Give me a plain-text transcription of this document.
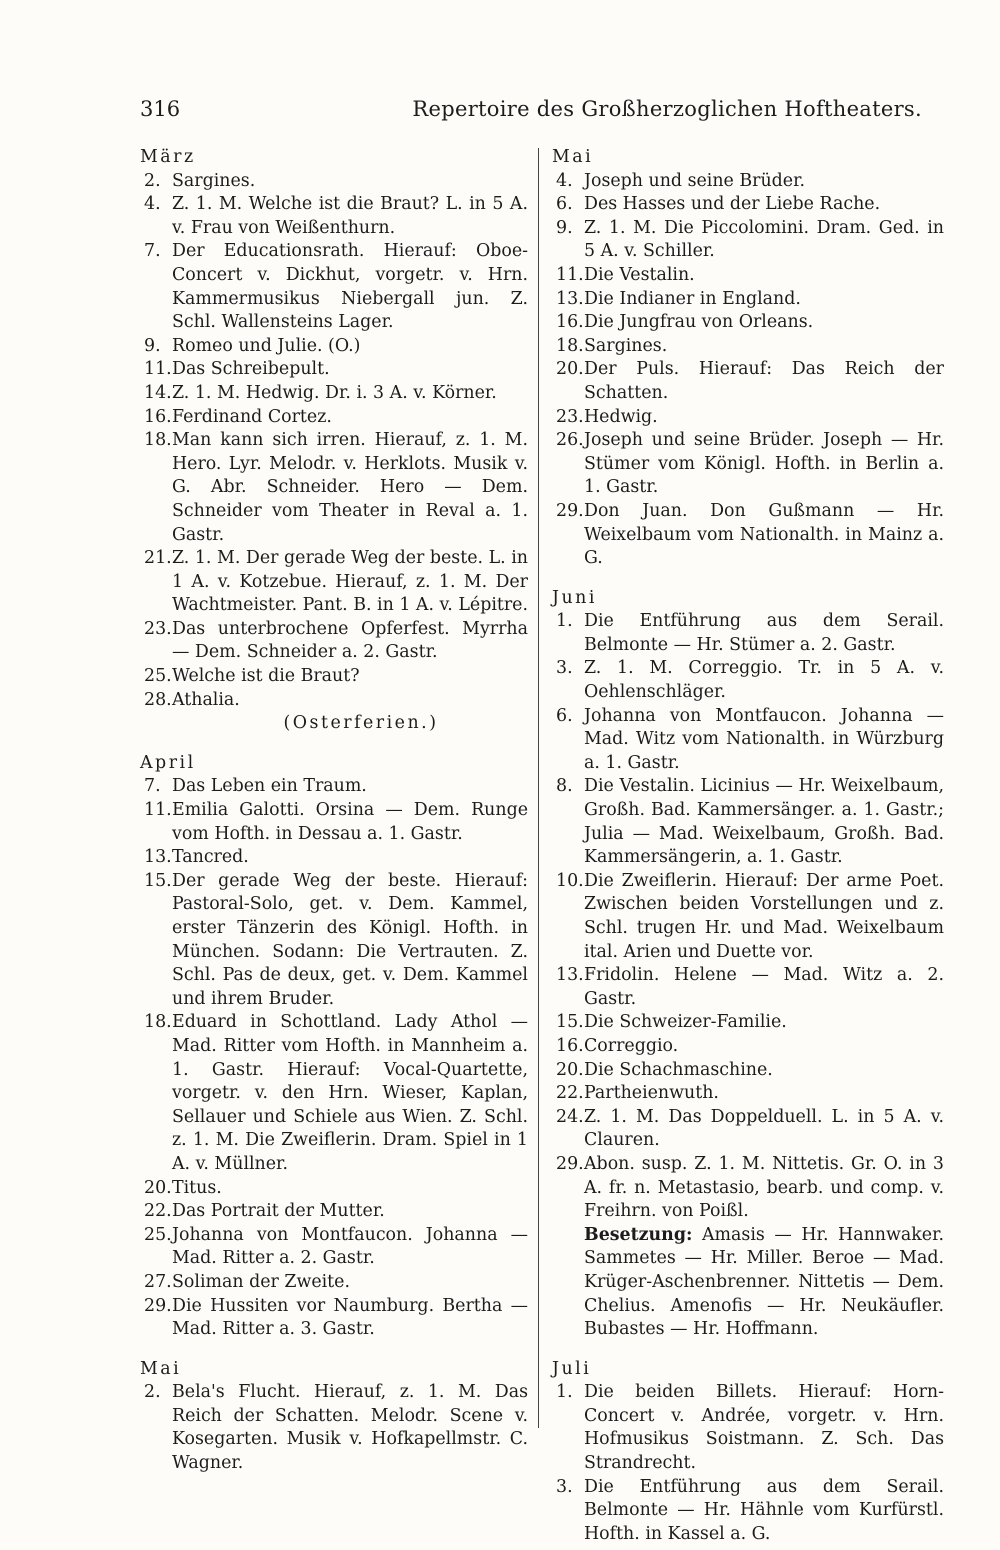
316	Repertoire des Großherzoglichen Hoftheaters.
März
2. Sargines.
4. Z. 1. M. Welche ist die Braut? L. in 5 A. v. Frau von Weißenthurn.
7. Der Educationsrath. Hierauf: Oboe-Concert v. Dickhut, vorgetr. v. Hrn. Kammermusikus Niebergall jun. Z. Schl. Wallensteins Lager.
9. Romeo und Julie. (O.)
11.Das Schreibepult.
14.Z. 1. M. Hedwig. Dr. i. 3 A. v. Körner.
16.Ferdinand Cortez.
18.Man kann sich irren. Hierauf, z. 1. M. Hero. Lyr. Melodr. v. Herklots. Musik v. G. Abr. Schneider. Hero — Dem. Schneider vom Theater in Reval a. 1. Gastr.
21.Z. 1. M. Der gerade Weg der beste. L. in 1 A. v. Kotzebue. Hierauf, z. 1. M. Der Wachtmeister. Pant. B. in 1 A. v. Lépitre.
23.Das unterbrochene Opferfest. Myrrha — Dem. Schneider a. 2. Gastr.
25.Welche ist die Braut?
28.Athalia.
(Osterferien.)
April
7. Das Leben ein Traum.
11.Emilia Galotti. Orsina — Dem. Runge vom Hofth. in Dessau a. 1. Gastr.
13.Tancred.
15.Der gerade Weg der beste. Hierauf: Pastoral-Solo, get. v. Dem. Kammel, erster Tänzerin des Königl. Hofth. in München. Sodann: Die Vertrauten. Z. Schl. Pas de deux, get. v. Dem. Kammel und ihrem Bruder.
18.Eduard in Schottland. Lady Athol — Mad. Ritter vom Hofth. in Mannheim a. 1. Gastr. Hierauf: Vocal-Quartette, vorgetr. v. den Hrn. Wieser, Kaplan, Sellauer und Schiele aus Wien. Z. Schl. z. 1. M. Die Zweiflerin. Dram. Spiel in 1 A. v. Müllner.
20.Titus.
22.Das Portrait der Mutter.
25.Johanna von Montfaucon. Johanna — Mad. Ritter a. 2. Gastr.
27.Soliman der Zweite.
29.Die Hussiten vor Naumburg. Bertha — Mad. Ritter a. 3. Gastr.
Mai
2. Bela's Flucht. Hierauf, z. 1. M. Das Reich der Schatten. Melodr. Scene v. Kosegarten. Musik v. Hofkapellmstr. C. Wagner.
Mai
4. Joseph und seine Brüder.
6. Des Hasses und der Liebe Rache.
9. Z. 1. M. Die Piccolomini. Dram. Ged. in 5 A. v. Schiller.
11.Die Vestalin.
13.Die Indianer in England.
16.Die Jungfrau von Orleans.
18.Sargines.
20.Der Puls. Hierauf: Das Reich der Schatten.
23.Hedwig.
26.Joseph und seine Brüder. Joseph — Hr. Stümer vom Königl. Hofth. in Berlin a. 1. Gastr.
29.Don Juan. Don Gußmann — Hr. Weixelbaum vom Nationalth. in Mainz a. G.
Juni
1. Die Entführung aus dem Serail. Belmonte — Hr. Stümer a. 2. Gastr.
3. Z. 1. M. Correggio. Tr. in 5 A. v. Oehlenschläger.
6. Johanna von Montfaucon. Johanna — Mad. Witz vom Nationalth. in Würzburg a. 1. Gastr.
8. Die Vestalin. Licinius — Hr. Weixelbaum, Großh. Bad. Kammersänger. a. 1. Gastr.; Julia — Mad. Weixelbaum, Großh. Bad. Kammersängerin, a. 1. Gastr.
10.Die Zweiflerin. Hierauf: Der arme Poet. Zwischen beiden Vorstellungen und z. Schl. trugen Hr. und Mad. Weixelbaum ital. Arien und Duette vor.
13.Fridolin. Helene — Mad. Witz a. 2. Gastr.
15.Die Schweizer-Familie.
16.Correggio.
20.Die Schachmaschine.
22.Partheienwuth.
24.Z. 1. M. Das Doppelduell. L. in 5 A. v. Clauren.
29.Abon. susp. Z. 1. M. Nittetis. Gr. O. in 3 A. fr. n. Metastasio, bearb. und comp. v. Freihrn. von Poißl.
Besetzung: Amasis — Hr. Hannwaker. Sammetes — Hr. Miller. Beroe — Mad. Krüger-Aschenbrenner. Nittetis — Dem. Chelius. Amenofis — Hr. Neukäufler. Bubastes — Hr. Hoffmann.
Juli
1. Die beiden Billets. Hierauf: Horn-Concert v. Andrée, vorgetr. v. Hrn. Hofmusikus Soistmann. Z. Sch. Das Strandrecht.
3. Die Entführung aus dem Serail. Belmonte — Hr. Hähnle vom Kurfürstl. Hofth. in Kassel a. G.
